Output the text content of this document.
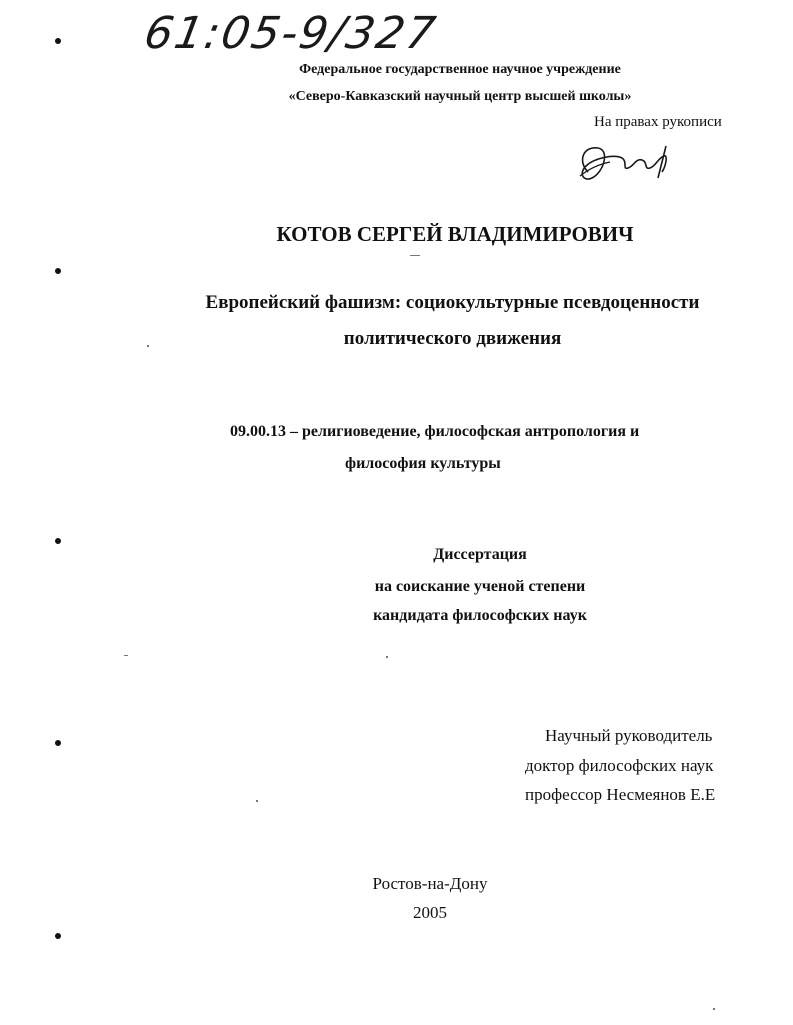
61:05-9/327
Федеральное государственное научное учреждение
«Северо-Кавказский научный центр высшей школы»
На правах рукописи
КОТОВ СЕРГЕЙ ВЛАДИМИРОВИЧ
Европейский фашизм: социокультурные псевдоценности
политического движения
09.00.13 – религиоведение, философская антропология и
философия культуры
Диссертация
на соискание ученой степени
кандидата философских наук
Научный руководитель
доктор философских наук
профессор Несмеянов Е.Е
Ростов-на-Дону
2005
